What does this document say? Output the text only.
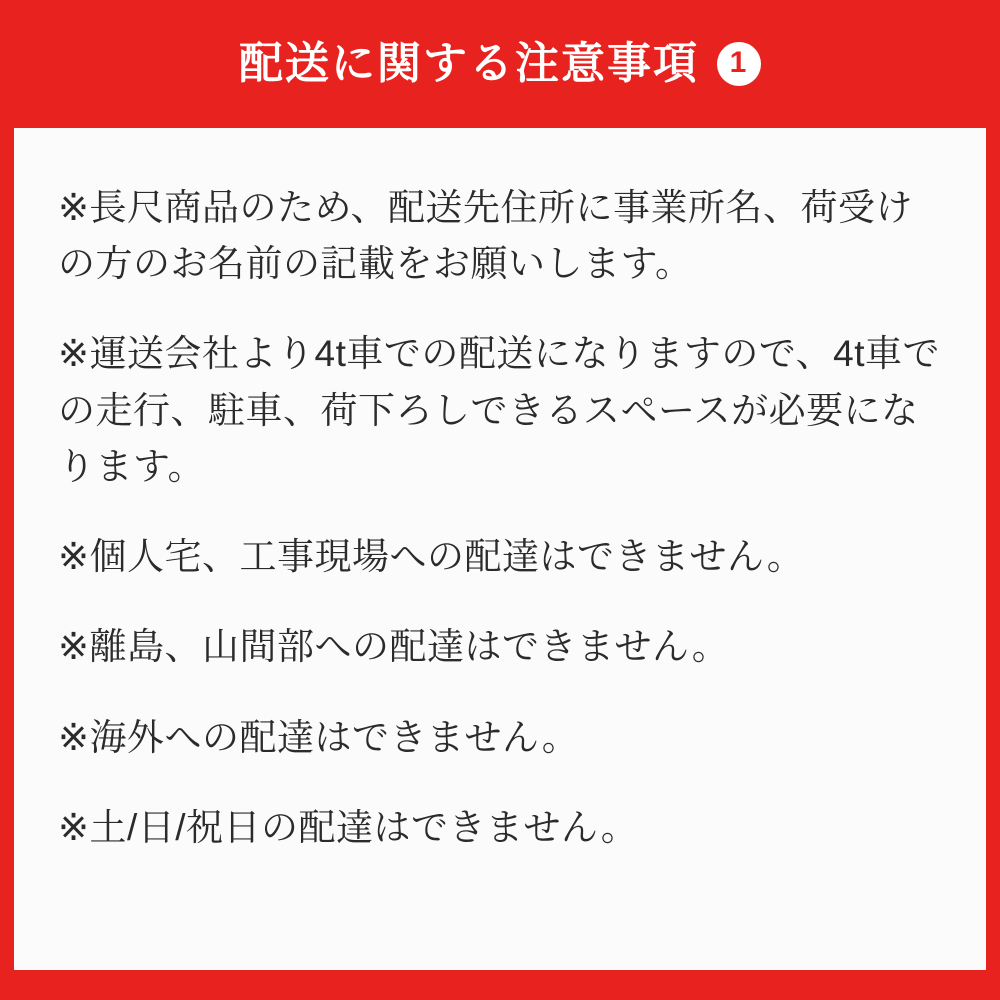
配送に関する注意事項	1

※長尺商品のため、配送先住所に事業所名、荷受けの方のお名前の記載をお願いします。

※運送会社より4t車での配送になりますので、4t車での走行、駐車、荷下ろしできるスペースが必要になります。

※個人宅、工事現場への配達はできません。

※離島、山間部への配達はできません。

※海外への配達はできません。

※土/日/祝日の配達はできません。
